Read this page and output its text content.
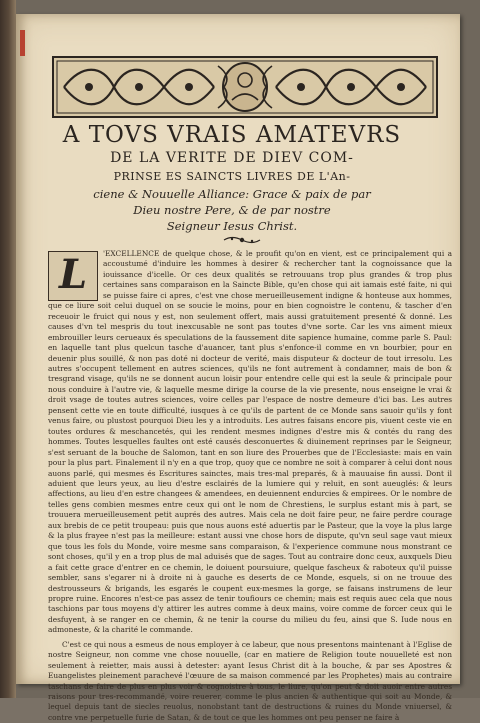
A TOVS VRAIS AMATEVRS
DE LA VERITE DE DIEV COM-
PRINSE ES SAINCTS LIVRES DE L'An-
ciene & Nouuelle Alliance: Grace & paix de par
Dieu nostre Pere, & de par nostre
Seigneur Iesus Christ.

L	'EXCELLENCE de quelque chose, & le proufit qu'on en vient, est ce principalement qui a accoustumé d'induire les hommes à desirer & rechercher tant la cognoissance que la iouissance d'icelle. Or ces deux qualités se retrouuans trop plus grandes & trop plus certaines sans comparaison en la Saincte Bible, qu'en chose qui ait iamais esté faite, ni qui se puisse faire ci apres, c'est vne chose merueilleusement indigne & honteuse aux hommes, que ce liure soit celui duquel on se soucie le moins, pour en bien cognoistre le contenu, & tascher d'en receuoir le fruict qui nous y est, non seulement offert, mais aussi gratuitement presenté & donné. Les causes d'vn tel mespris du tout inexcusable ne sont pas toutes d'vne sorte. Car les vns aiment mieux embrouiller leurs cerueaux és speculations de la faussement dite sapience humaine, comme parle S. Paul: en laquelle tant plus quelcun tasche d'auancer, tant plus s'enfonce-il comme en vn bourbier, pour en deuenir plus souillé, & non pas doté ni docteur de verité, mais disputeur & docteur de tout irresolu. Les autres s'occupent tellement en autres sciences, qu'ils ne font autrement à condamner, mais de bon & tresgrand visage, qu'ils ne se donnent aucun loisir pour entendre celle qui est la seule & principale pour nous conduire à l'autre vie, & laquelle mesme dirige la course de la vie presente, nous enseigne le vrai & droit vsage de toutes autres sciences, voire celles par l'espace de nostre demeure d'ici bas. Les autres pensent cette vie en toute difficulté, iusques à ce qu'ils de partent de ce Monde sans sauoir qu'ils y font venus faire, ou plustost pourquoi Dieu les y a introduits. Les autres faisans encore pis, viuent ceste vie en toutes ordures & meschancetés, qui les rendent mesmes indignes d'estre mis & contés du rang des hommes. Toutes lesquelles faultes ont esté causés desconuertes & diuinement reprinses par le Seigneur, s'est seruant de la bouche de Salomon, tant en son liure des Prouerbes que de l'Ecclesiaste: mais en vain pour la plus part. Finalement il n'y en a que trop, quoy que ce nombre ne soit à comparer à celui dont nous auons parlé, qui mesmes és Escritures sainctes, mais tres-mal preparés, & à mauuaise fin aussi. Dont il aduient que leurs yeux, au lieu d'estre esclairés de la lumiere qui y reluit, en sont aueuglés: & leurs affections, au lieu d'en estre changees & amendees, en deuiennent endurcies & empirees. Or le nombre de telles gens combien mesmes entre ceux qui ont le nom de Chrestiens, le surplus estant mis à part, se trouuera merueilleusement petit auprés des autres. Mais cela ne doit faire peur, ne faire perdre courage aux brebis de ce petit troupeau: puis que nous auons esté aduertis par le Pasteur, que la voye la plus large & la plus frayee n'est pas la meilleure: estant aussi vne chose hors de dispute, qu'vn seul sage vaut mieux que tous les fols du Monde, voire mesme sans comparaison, & l'experience commune nous monstrant ce sont choses, qu'il y en a trop plus de mal aduisés que de sages. Tout au contraire donc ceux, auxquels Dieu a fait cette grace d'entrer en ce chemin, le doiuent poursuiure, quelque fascheux & raboteux qu'il puisse sembler, sans s'egarer ni à droite ni à gauche es deserts de ce Monde, esquels, si on ne trouue des destrousseurs & brigands, les esgarés le coupent eux-mesmes la gorge, se faisans instrumens de leur propre ruine. Encores n'est-ce pas assez de tenir toufiours ce chemin; mais est requis auec cela que nous taschions par tous moyens d'y attirer les autres comme à deux mains, voire comme de forcer ceux qui le desfuyent, à se ranger en ce chemin, & ne tenir la course du milieu du feu, ainsi que S. Iude nous en admoneste, & la charité le commande.

C'est ce qui nous a esmeus de nous employer à ce labeur, que nous presentons maintenant à l'Eglise de nostre Seigneur, non comme vne chose nouuelle, (car en matiere de Religion toute nouuelleté est non seulement à reietter, mais aussi à detester: ayant Iesus Christ dit à la bouche, & par ses Apostres & Euangelistes pleinement parachevé l'œuure de sa maison commencé par les Prophetes) mais au contraire taschans de faire de plus en plus voir & cognoistre à tous, le liure, qu'on peut & doit auoir entre autres raisons pour tres-recommandé, voire reuerer, comme le plus ancien & authentique qui soit au Monde, & lequel depuis tant de siecles reuolus, nonobstant tant de destructions & ruines du Monde vniuersel, & contre vne perpetuelle furie de Satan, & de tout ce que les hommes ont peu penser ne faire à
